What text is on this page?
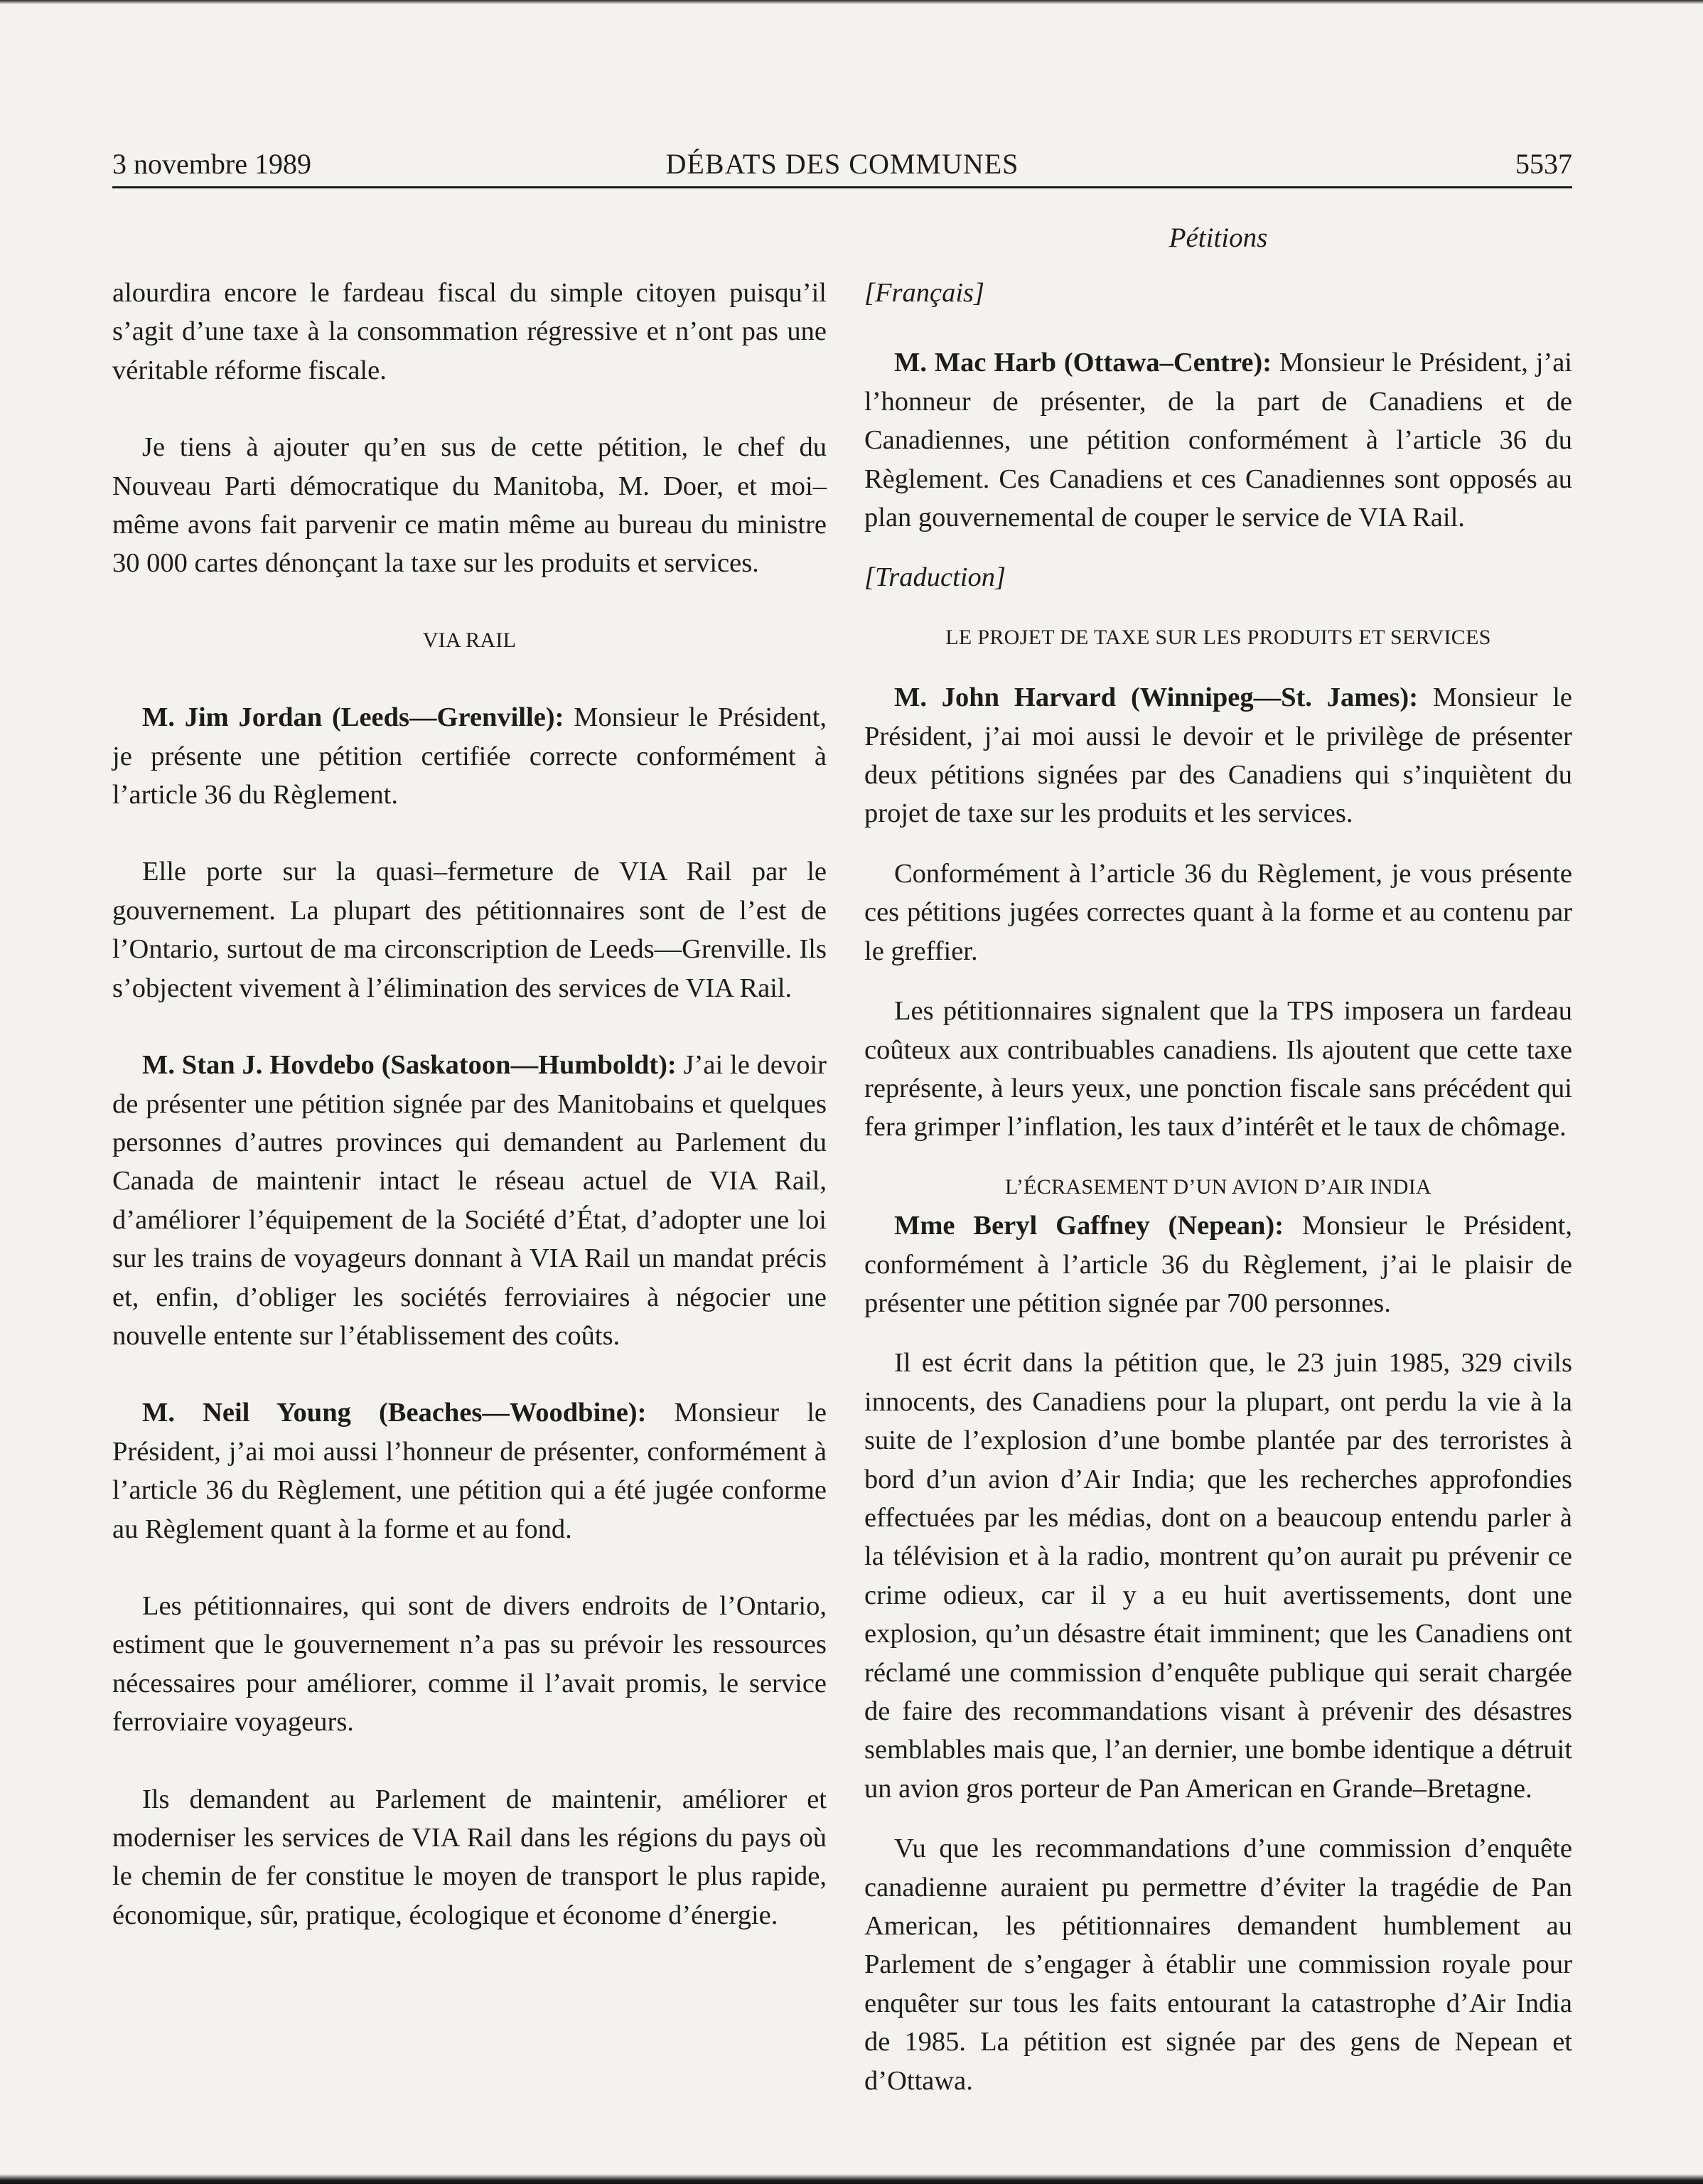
3 novembre 1989	DÉBATS DES COMMUNES	5537
Pétitions

alourdira encore le fardeau fiscal du simple citoyen puisqu’il s’agit d’une taxe à la consommation régressive et n’ont pas une véritable réforme fiscale.

Je tiens à ajouter qu’en sus de cette pétition, le chef du Nouveau Parti démocratique du Manitoba, M. Doer, et moi–même avons fait parvenir ce matin même au bureau du ministre 30 000 cartes dénonçant la taxe sur les produits et services.

VIA RAIL

M. Jim Jordan (Leeds—Grenville): Monsieur le Président, je présente une pétition certifiée correcte conformément à l’article 36 du Règlement.

Elle porte sur la quasi–fermeture de VIA Rail par le gouvernement. La plupart des pétitionnaires sont de l’est de l’Ontario, surtout de ma circonscription de Leeds—Grenville. Ils s’objectent vivement à l’élimination des services de VIA Rail.

M. Stan J. Hovdebo (Saskatoon—Humboldt): J’ai le devoir de présenter une pétition signée par des Manitobains et quelques personnes d’autres provinces qui demandent au Parlement du Canada de maintenir intact le réseau actuel de VIA Rail, d’améliorer l’équipement de la Société d’État, d’adopter une loi sur les trains de voyageurs donnant à VIA Rail un mandat précis et, enfin, d’obliger les sociétés ferroviaires à négocier une nouvelle entente sur l’établissement des coûts.

M. Neil Young (Beaches—Woodbine): Monsieur le Président, j’ai moi aussi l’honneur de présenter, conformément à l’article 36 du Règlement, une pétition qui a été jugée conforme au Règlement quant à la forme et au fond.

Les pétitionnaires, qui sont de divers endroits de l’Ontario, estiment que le gouvernement n’a pas su prévoir les ressources nécessaires pour améliorer, comme il l’avait promis, le service ferroviaire voyageurs.

Ils demandent au Parlement de maintenir, améliorer et moderniser les services de VIA Rail dans les régions du pays où le chemin de fer constitue le moyen de transport le plus rapide, économique, sûr, pratique, écologique et économe d’énergie.

[Français]

M. Mac Harb (Ottawa–Centre): Monsieur le Président, j’ai l’honneur de présenter, de la part de Canadiens et de Canadiennes, une pétition conformément à l’article 36 du Règlement. Ces Canadiens et ces Canadiennes sont opposés au plan gouvernemental de couper le service de VIA Rail.

[Traduction]

LE PROJET DE TAXE SUR LES PRODUITS ET SERVICES

M. John Harvard (Winnipeg—St. James): Monsieur le Président, j’ai moi aussi le devoir et le privilège de présenter deux pétitions signées par des Canadiens qui s’inquiètent du projet de taxe sur les produits et les services.

Conformément à l’article 36 du Règlement, je vous présente ces pétitions jugées correctes quant à la forme et au contenu par le greffier.

Les pétitionnaires signalent que la TPS imposera un fardeau coûteux aux contribuables canadiens. Ils ajoutent que cette taxe représente, à leurs yeux, une ponction fiscale sans précédent qui fera grimper l’inflation, les taux d’intérêt et le taux de chômage.

L’ÉCRASEMENT D’UN AVION D’AIR INDIA

Mme Beryl Gaffney (Nepean): Monsieur le Président, conformément à l’article 36 du Règlement, j’ai le plaisir de présenter une pétition signée par 700 personnes.

Il est écrit dans la pétition que, le 23 juin 1985, 329 civils innocents, des Canadiens pour la plupart, ont perdu la vie à la suite de l’explosion d’une bombe plantée par des terroristes à bord d’un avion d’Air India; que les recherches approfondies effectuées par les médias, dont on a beaucoup entendu parler à la télévision et à la radio, montrent qu’on aurait pu prévenir ce crime odieux, car il y a eu huit avertissements, dont une explosion, qu’un désastre était imminent; que les Canadiens ont réclamé une commission d’enquête publique qui serait chargée de faire des recommandations visant à prévenir des désastres semblables mais que, l’an dernier, une bombe identique a détruit un avion gros porteur de Pan American en Grande–Bretagne.

Vu que les recommandations d’une commission d’enquête canadienne auraient pu permettre d’éviter la tragédie de Pan American, les pétitionnaires demandent humblement au Parlement de s’engager à établir une commission royale pour enquêter sur tous les faits entourant la catastrophe d’Air India de 1985. La pétition est signée par des gens de Nepean et d’Ottawa.
